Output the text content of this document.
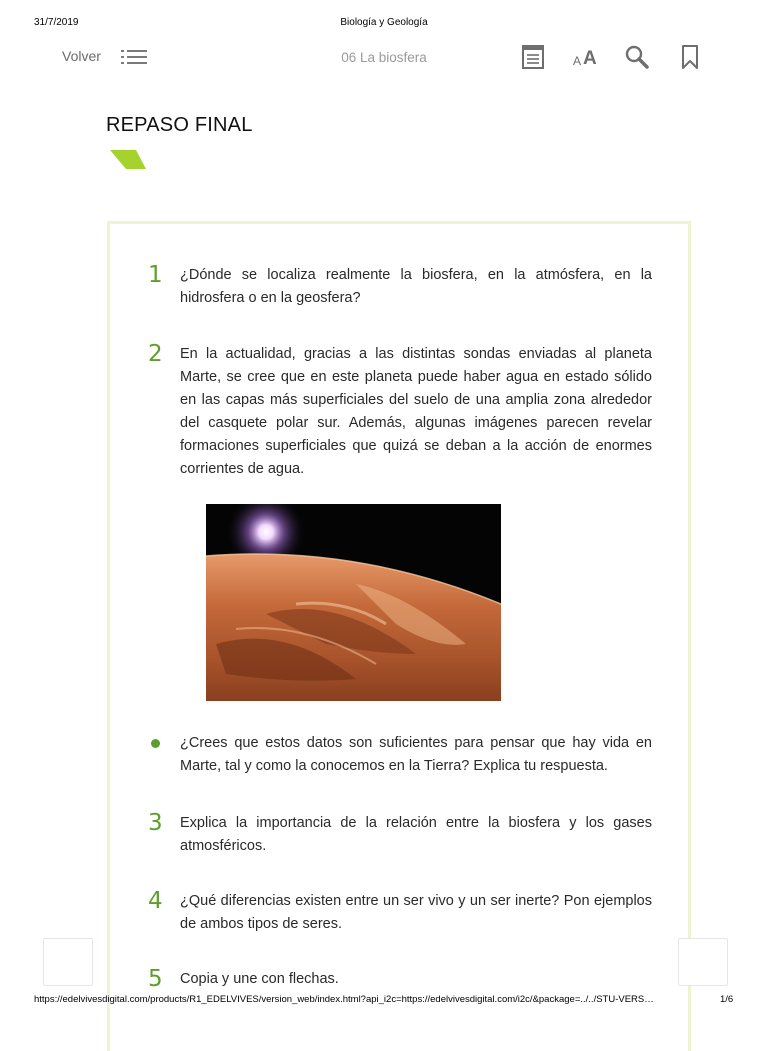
31/7/2019	Biología y Geología
Volver	06 La biosfera	A A
REPASO FINAL
1 ¿Dónde se localiza realmente la biosfera, en la atmósfera, en la hidrosfera o en la geosfera?
2 En la actualidad, gracias a las distintas sondas enviadas al planeta Marte, se cree que en este planeta puede haber agua en estado sólido en las capas más superficiales del suelo de una amplia zona alrededor del casquete polar sur. Además, algunas imágenes parecen revelar formaciones superficiales que quizá se deban a la acción de enormes corrientes de agua.
¿Crees que estos datos son suficientes para pensar que hay vida en Marte, tal y como la conocemos en la Tierra? Explica tu respuesta.
3 Explica la importancia de la relación entre la biosfera y los gases atmosféricos.
4 ¿Qué diferencias existen entre un ser vivo y un ser inerte? Pon ejemplos de ambos tipos de seres.
5 Copia y une con flechas.
https://edelvivesdigital.com/products/R1_EDELVIVES/version_web/index.html?api_i2c=https://edelvivesdigital.com/i2c/&package=../../STU-VERS…	1/6
